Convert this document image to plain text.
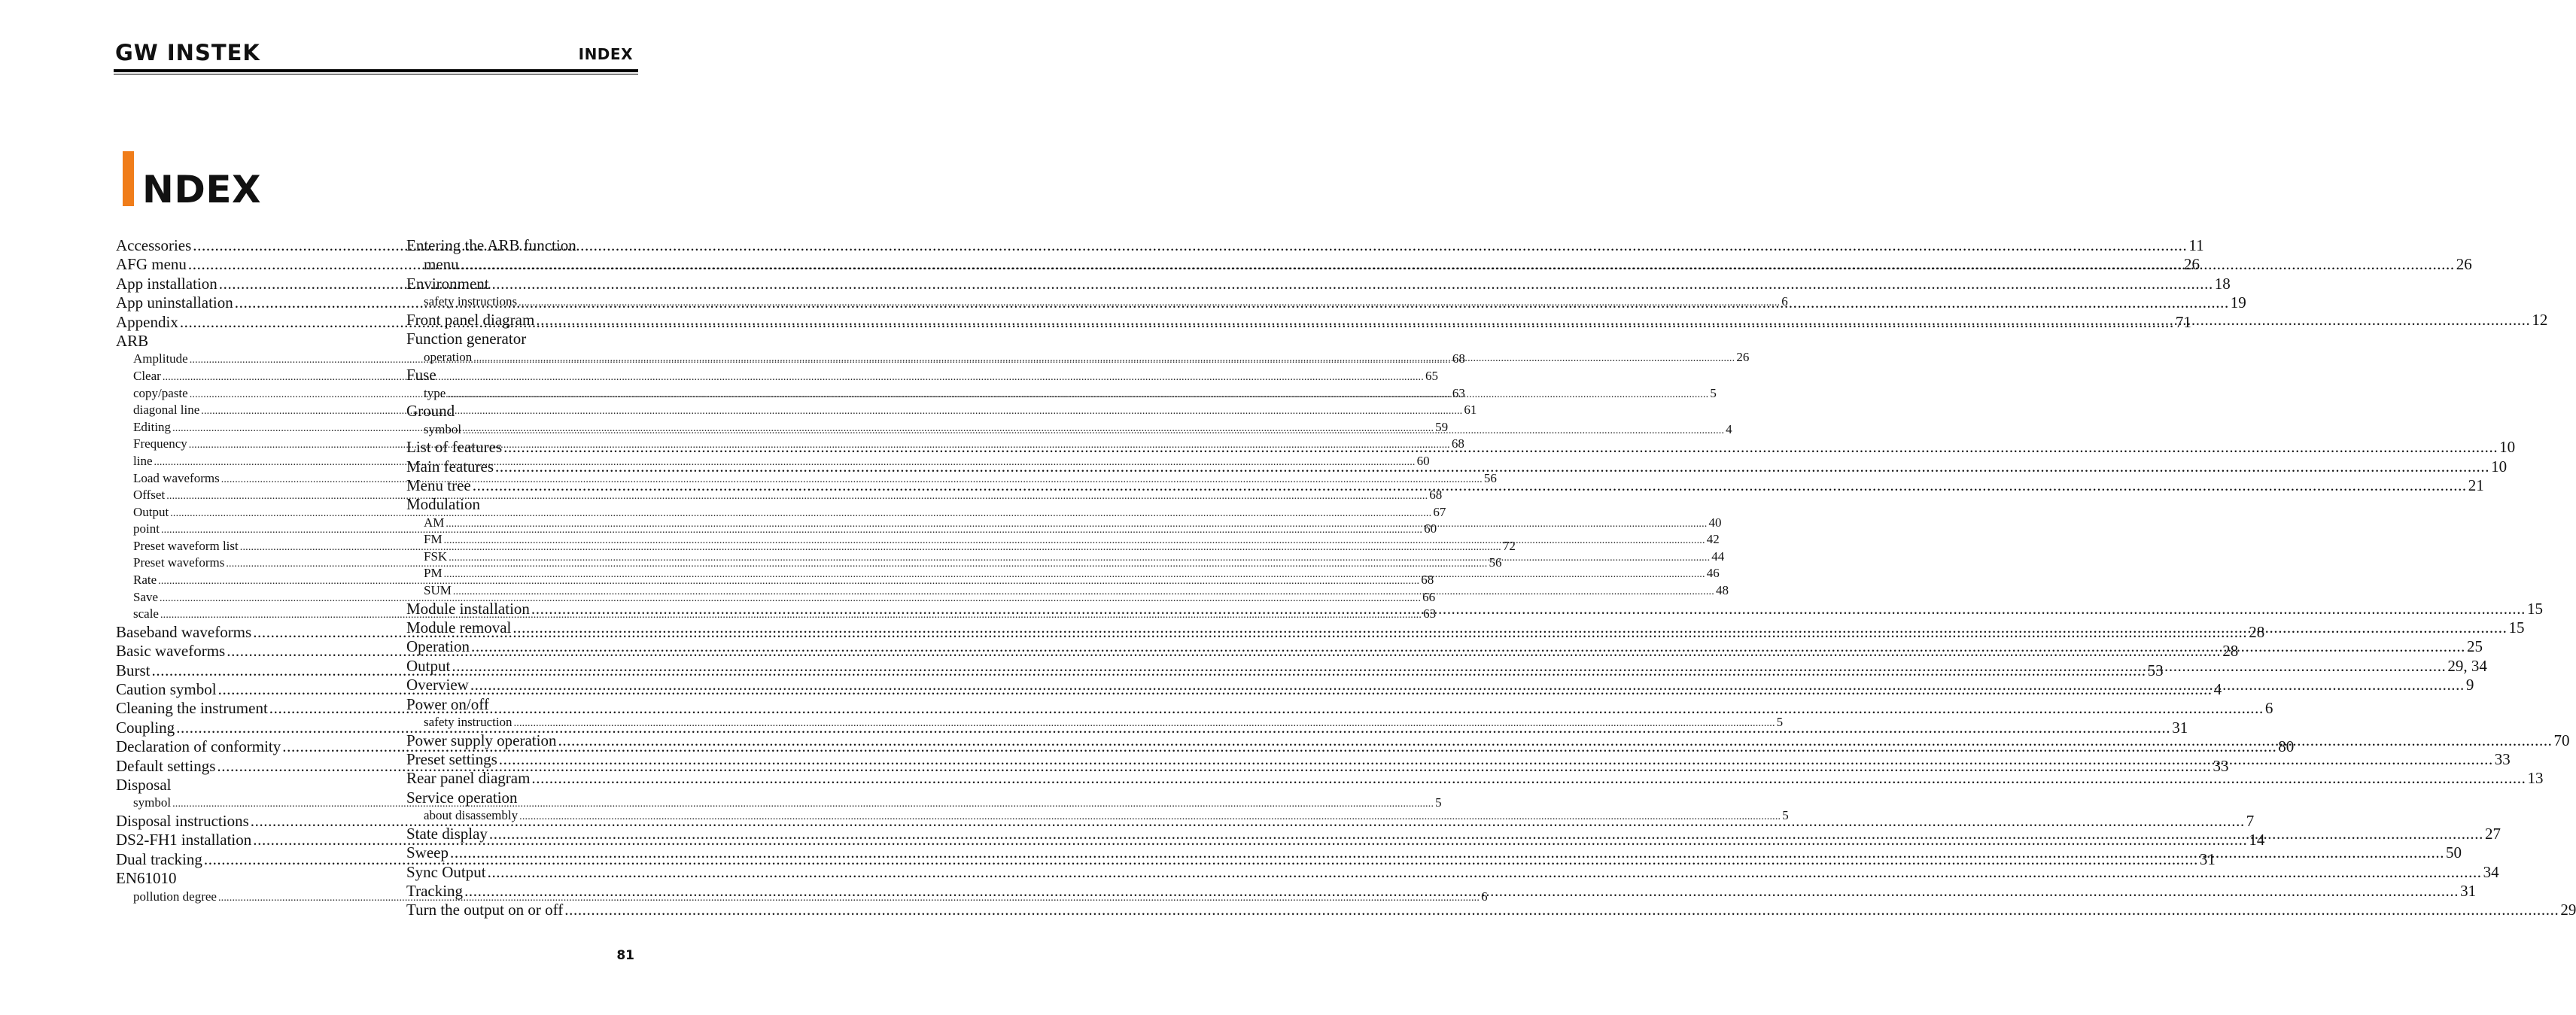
GW INSTEK	INDEX
NDEX
Accessories .....	11
AFG menu .....	26
App installation .....	18
App uninstallation .....	19
Appendix .....	71
ARB
Amplitude .....	68
Clear .....	65
copy/paste .....	63
diagonal line .....	61
Editing .....	59
Frequency .....	68
line .....	60
Load waveforms .....	56
Offset .....	68
Output .....	67
point .....	60
Preset waveform list .....	72
Preset waveforms .....	56
Rate .....	68
Save .....	66
scale .....	63
Baseband waveforms .....	28
Basic waveforms .....	28
Burst .....	53
Caution symbol .....	4
Cleaning the instrument .....	6
Coupling .....	31
Declaration of conformity .....	80
Default settings .....	33
Disposal
symbol .....	5
Disposal instructions .....	7
DS2-FH1 installation .....	14
Dual tracking .....	31
EN61010
pollution degree .....	6
Entering the ARB function
menu .....	26
Environment
safety instructions .....	6
Front panel diagram .....	12
Function generator
operation .....	26
Fuse
type .....	5
Ground
symbol .....	4
List of features .....	10
Main features .....	10
Menu tree .....	21
Modulation
AM .....	40
FM .....	42
FSK .....	44
PM .....	46
SUM .....	48
Module installation .....	15
Module removal .....	15
Operation .....	25
Output .....	29, 34
Overview .....	9
Power on/off
safety instruction .....	5
Power supply operation .....	70
Preset settings .....	33
Rear panel diagram .....	13
Service operation
about disassembly .....	5
State display .....	27
Sweep .....	50
Sync Output .....	34
Tracking .....	31
Turn the output on or off .....	29
81
